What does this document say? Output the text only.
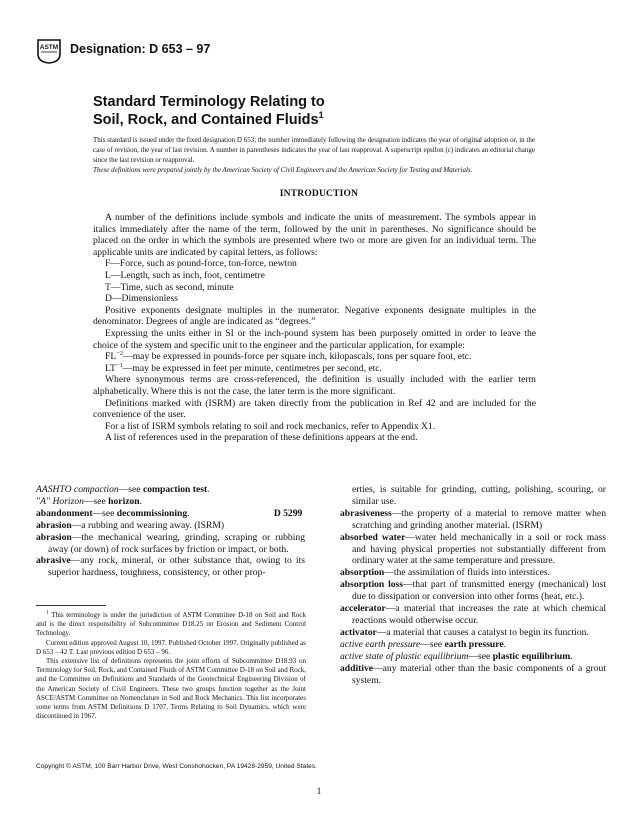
ASTM Designation: D 653 – 97
Standard Terminology Relating to
Soil, Rock, and Contained Fluids$^1$
This standard is issued under the fixed designation D 653; the number immediately following the designation indicates the year of original adoption or, in the case of revision, the year of last revision. A number in parentheses indicates the year of last reapproval. A superscript epsilon (ε) indicates an editorial change since the last revision or reapproval.
These definitions were prepared jointly by the American Society of Civil Engineers and the American Society for Testing and Materials.
INTRODUCTION

A number of the definitions include symbols and indicate the units of measurement. The symbols appear in italics immediately after the name of the term, followed by the unit in parentheses. No significance should be placed on the order in which the symbols are presented where two or more are given for an individual term. The applicable units are indicated by capital letters, as follows:

F—Force, such as pound-force, ton-force, newton

L—Length, such as inch, foot, centimetre

T—Time, such as second, minute

D—Dimensionless

Positive exponents designate multiples in the numerator. Negative exponents designate multiples in the denominator. Degrees of angle are indicated as “degrees.”

Expressing the units either in SI or the inch-pound system has been purposely omitted in order to leave the choice of the system and specific unit to the engineer and the particular application, for example:

$FL^{-2}—may$ be expressed in pounds-force per square inch, kilopascals, tons per square foot, etc.

$LT^{-1}—may$ be expressed in feet per minute, centimetres per second, etc.

Where synonymous terms are cross-referenced, the definition is usually included with the earlier term alphabetically. Where this is not the case, the later term is the more significant.

Definitions marked with (ISRM) are taken directly from the publication in Ref 42 and are included for the convenience of the user.

For a list of ISRM symbols relating to soil and rock mechanics, refer to Appendix X1.

A list of references used in the preparation of these definitions appears at the end.

AASHTO compaction—see compaction test.

''A'' Horizon—see horizon.

abandonment—see decommissioning.	D 5299

abrasion—a rubbing and wearing away. (ISRM)

abrasion—the mechanical wearing, grinding, scraping or rubbing away (or down) of rock surfaces by friction or impact, or both.

abrasive—any rock, mineral, or other substance that, owing to its superior hardness, toughness, consistency, or other prop-

$^1$ This terminology is under the jurisdiction of ASTM Committee D-18 on Soil and Rock and is the direct responsibility of Subcommittee D18.25 on Erosion and Sediment Control Technology.

Current edition approved August 10, 1997. Published October 1997. Originally published as D 653 – 42 T. Last previous edition D 653 – 96.

This extensive list of definitions represents the joint efforts of Subcommittee D18.93 on Terminology for Soil, Rock, and Contained Fluids of ASTM Committee D-18 on Soil and Rock, and the Committee on Definitions and Standards of the Geotechnical Engineering Division of the American Society of Civil Engineers. These two groups function together as the Joint ASCE/ASTM Committee on Nomenclature in Soil and Rock Mechanics. This list incorporates some terms from ASTM Definitions D 1707, Terms Relating to Soil Dynamics, which were discontinued in 1967.

erties, is suitable for grinding, cutting, polishing, scouring, or similar use.

abrasiveness—the property of a material to remove matter when scratching and grinding another material. (ISRM)

absorbed water—water held mechanically in a soil or rock mass and having physical properties not substantially different from ordinary water at the same temperature and pressure.

absorption—the assimilation of fluids into interstices.

absorption loss—that part of transmitted energy (mechanical) lost due to dissipation or conversion into other forms (heat, etc.).

accelerator—a material that increases the rate at which chemical reactions would otherwise occur.

activator—a material that causes a catalyst to begin its function.

active earth pressure—see earth pressure.

active state of plastic equilibrium—see plastic equilibrium.

additive—any material other than the basic components of a grout system.

Copyright © ASTM, 100 Barr Harbor Drive, West Conshohocken, PA 19428-2959, United States.
1
